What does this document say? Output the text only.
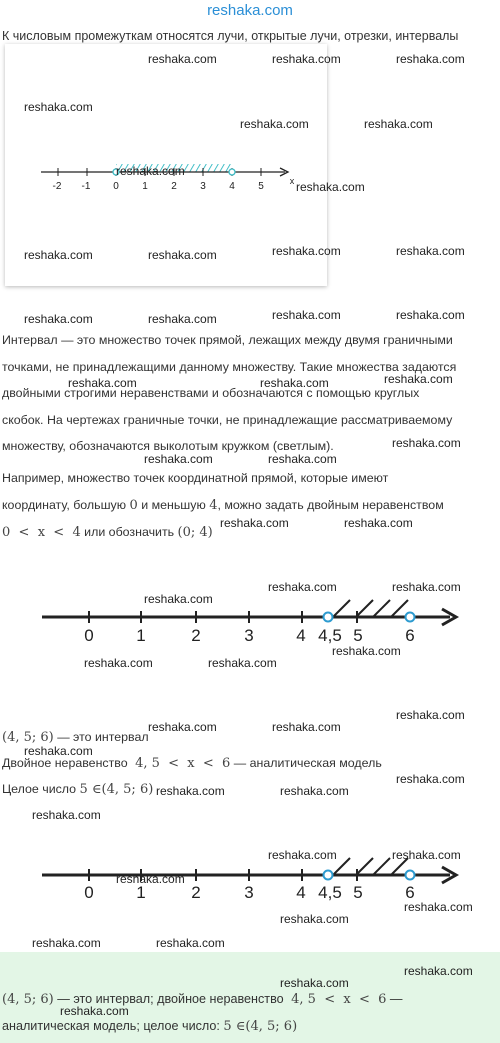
reshaka.com
К числовым промежуткам относятся лучи, открытые лучи, отрезки, интервалы
-2 -1 0 1 2 3 4 5	x
Интервал — это множество точек прямой, лежащих между двумя граничными
точками, не принадлежащими данному множеству. Такие множества задаются
двойными строгими неравенствами и обозначаются с помощью круглых
скобок. На чертежах граничные точки, не принадлежащие рассматриваемому
множеству, обозначаются выколотым кружком (светлым).
Например, множество точек координатной прямой, которые имеют
координату, большую 0 и меньшую 4, можно задать двойным неравенством
0  <  x  <  4 или обозначить (0; 4)
0	1	2	3	4 4,5 5	6
(4, 5; 6) — это интервал
Двойное неравенство 4, 5  <  x  <  6 — аналитическая модель
Целое число 5 ∈(4, 5; 6)
0	1	2	3	4 4,5 5	6
(4, 5; 6) — это интервал; двойное неравенство 4, 5  <  x  <  6 —
аналитическая модель; целое число: 5 ∈(4, 5; 6)
reshaka.com	reshaka.com	reshaka.com
reshaka.com
reshaka.com	reshaka.com
reshaka.com
reshaka.com
reshaka.com	reshaka.com	reshaka.com	reshaka.com
reshaka.com	reshaka.com	reshaka.com	reshaka.com
reshaka.com	reshaka.com	reshaka.com
reshaka.com
reshaka.com	reshaka.com
reshaka.com	reshaka.com
reshaka.com	reshaka.com
reshaka.com
reshaka.com
reshaka.com	reshaka.com
reshaka.com
reshaka.com	reshaka.com
reshaka.com
reshaka.com
reshaka.com	reshaka.com
reshaka.com
reshaka.com	reshaka.com
reshaka.com
reshaka.com
reshaka.com
reshaka.com	reshaka.com
reshaka.com
reshaka.com
reshaka.com
